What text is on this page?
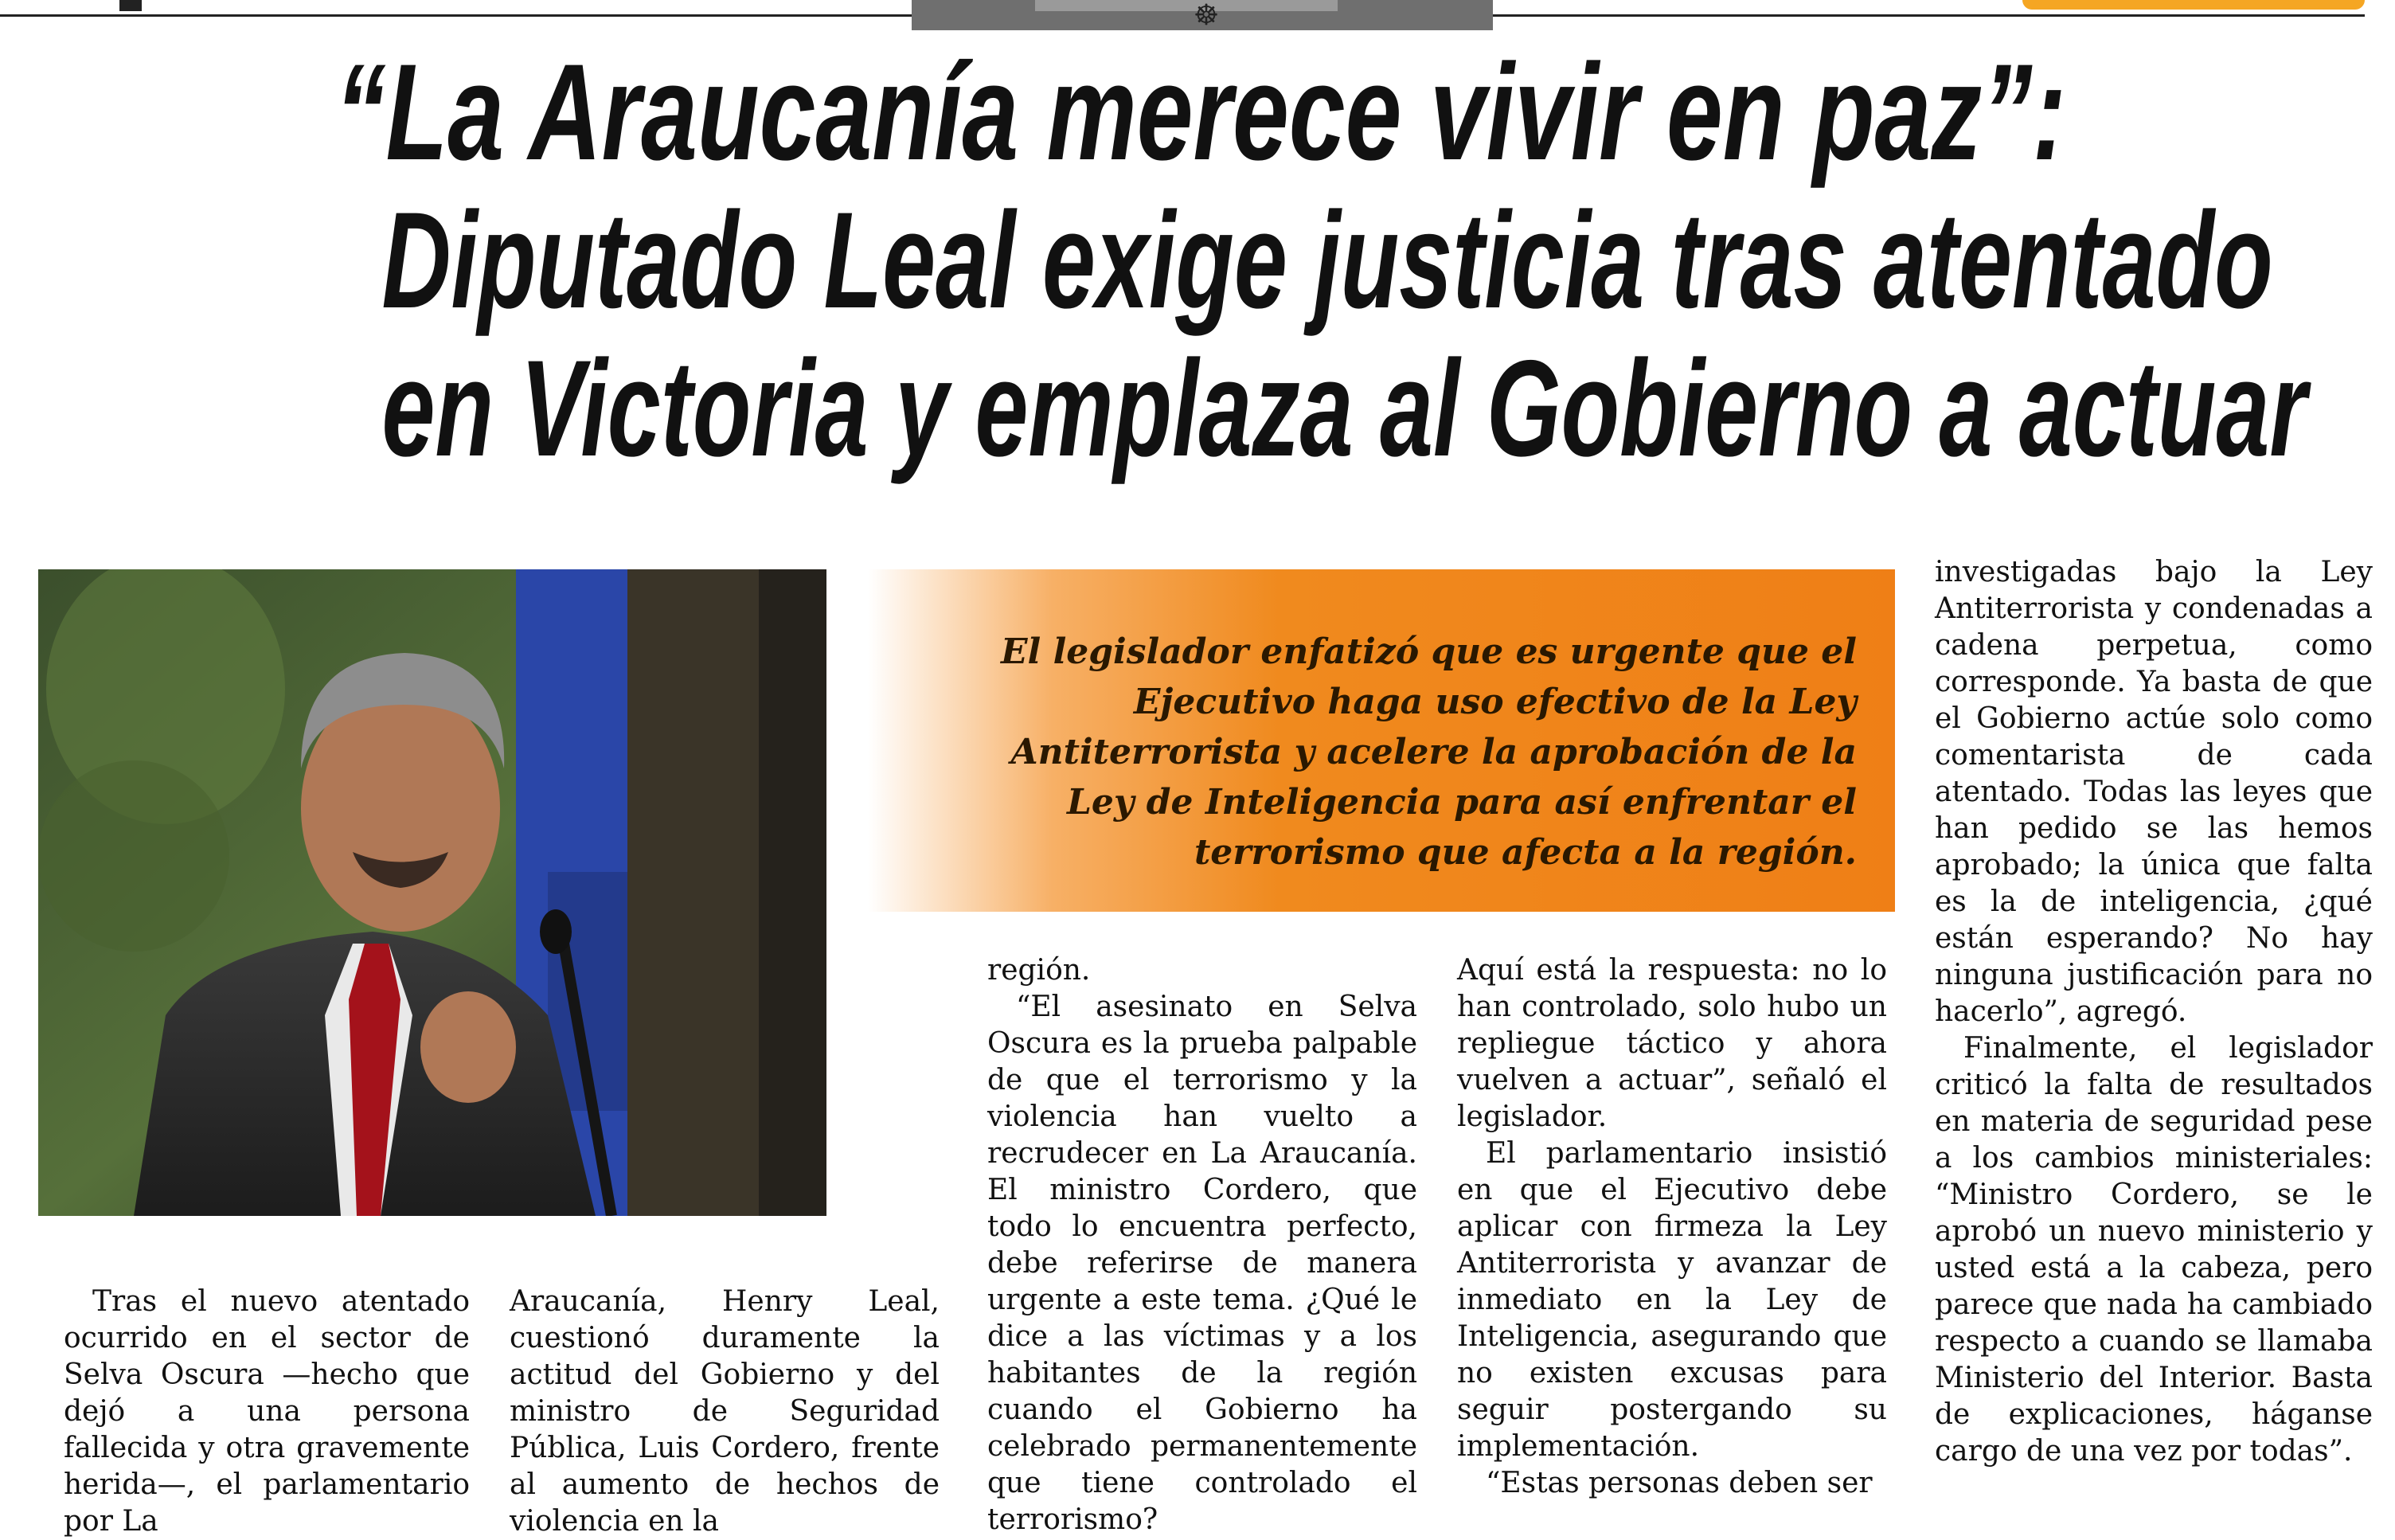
☸
“La Araucanía merece vivir en paz”:
Diputado Leal exige justicia tras atentado
en Victoria y emplaza al Gobierno a actuar

El legislador enfatizó que es urgente que el Ejecutivo haga uso efectivo de la Ley Antiterrorista y acelere la aprobación de la Ley de Inteligencia para así enfrentar el terrorismo que afecta a la región.

Tras el nuevo atentado ocurrido en el sector de Selva Oscura —hecho que dejó a una persona fallecida y otra gravemente herida—, el parlamentario por La

Araucanía, Henry Leal, cuestionó duramente la actitud del Gobierno y del ministro de Seguridad Pública, Luis Cordero, frente al aumento de hechos de violencia en la

región.

“El asesinato en Selva Oscura es la prueba palpable de que el terrorismo y la violencia han vuelto a recrudecer en La Araucanía. El ministro Cordero, que todo lo encuentra perfecto, debe referirse de manera urgente a este tema. ¿Qué le dice a las víctimas y a los habitantes de la región cuando el Gobierno ha celebrado permanentemente que tiene controlado el terrorismo?

Aquí está la respuesta: no lo han controlado, solo hubo un repliegue táctico y ahora vuelven a actuar”, señaló el legislador.

El parlamentario insistió en que el Ejecutivo debe aplicar con firmeza la Ley Antiterrorista y avanzar de inmediato en la Ley de Inteligencia, asegurando que no existen excusas para seguir postergando su implementación.

“Estas personas deben ser

investigadas bajo la Ley Antiterrorista y condenadas a cadena perpetua, como corresponde. Ya basta de que el Gobierno actúe solo como comentarista de cada atentado. Todas las leyes que han pedido se las hemos aprobado; la única que falta es la de inteligencia, ¿qué están esperando? No hay ninguna justificación para no hacerlo”, agregó.

Finalmente, el legislador criticó la falta de resultados en materia de seguridad pese a los cambios ministeriales: “Ministro Cordero, se le aprobó un nuevo ministerio y usted está a la cabeza, pero parece que nada ha cambiado respecto a cuando se llamaba Ministerio del Interior. Basta de explicaciones, háganse cargo de una vez por todas”.
